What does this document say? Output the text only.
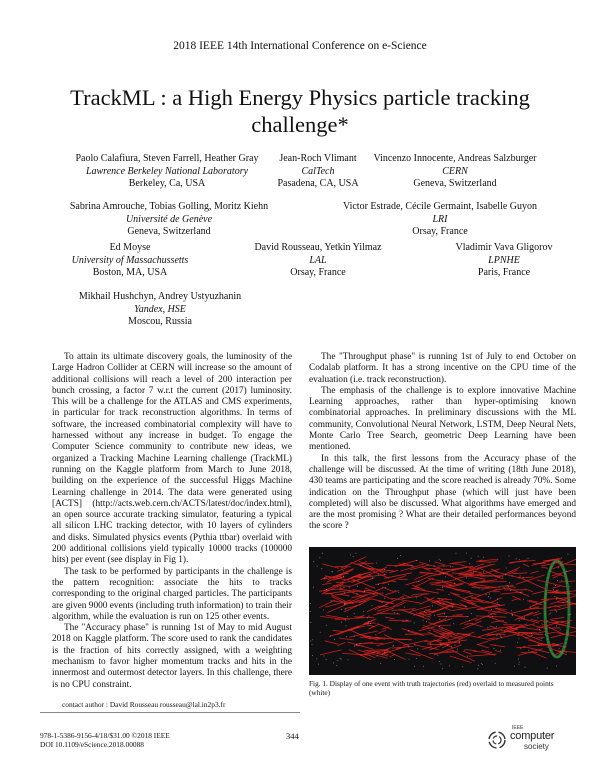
2018 IEEE 14th International Conference on e-Science
TrackML : a High Energy Physics particle tracking
challenge*
Paolo Calafiura, Steven Farrell, Heather Gray
Lawrence Berkeley National Laboratory
Berkeley, Ca, USA
Jean-Roch Vlimant
CalTech
Pasadena, CA, USA
Vincenzo Innocente, Andreas Salzburger
CERN
Geneva, Switzerland
Sabrina Amrouche, Tobias Golling, Moritz Kiehn
Université de Genève
Geneva, Switzerland
Victor Estrade, Cécile Germaint, Isabelle Guyon
LRI
Orsay, France
Ed Moyse
University of Massachussetts
Boston, MA, USA
David Rousseau, Yetkin Yilmaz
LAL
Orsay, France
Vladimir Vava Gligorov
LPNHE
Paris, France
Mikhail Hushchyn, Andrey Ustyuzhanin
Yandex, HSE
Moscou, Russia

To attain its ultimate discovery goals, the luminosity of the Large Hadron Collider at CERN will increase so the amount of additional collisions will reach a level of 200 interaction per bunch crossing, a factor 7 w.r.t the current (2017) luminosity. This will be a challenge for the ATLAS and CMS experiments, in particular for track reconstruction algorithms. In terms of software, the increased combinatorial complexity will have to harnessed without any increase in budget. To engage the Computer Science community to contribute new ideas, we organized a Tracking Machine Learning challenge (TrackML) running on the Kaggle platform from March to June 2018, building on the experience of the successful Higgs Machine Learning challenge in 2014. The data were generated using [ACTS] (http://acts.web.cern.ch/ACTS/latest/doc/index.html), an open source accurate tracking simulator, featuring a typical all silicon LHC tracking detector, with 10 layers of cylinders and disks. Simulated physics events (Pythia ttbar) overlaid with 200 additional collisions yield typically 10000 tracks (100000 hits) per event (see display in Fig 1).

The task to be performed by participants in the challenge is the pattern recognition: associate the hits to tracks corresponding to the original charged particles. The participants are given 9000 events (including truth information) to train their algorithm, while the evaluation is run on 125 other events.

The "Accuracy phase" is running 1st of May to mid August 2018 on Kaggle platform. The score used to rank the candidates is the fraction of hits correctly assigned, with a weighting mechanism to favor higher momentum tracks and hits in the innermost and outermost detector layers. In this challenge, there is no CPU constraint.

The "Throughput phase" is running 1st of July to end October on Codalab platform. It has a strong incentive on the CPU time of the evaluation (i.e. track reconstruction).

The emphasis of the challenge is to explore innovative Machine Learning approaches, rather than hyper-optimising known combinatorial approaches. In preliminary discussions with the ML community, Convolutional Neural Network, LSTM, Deep Neural Nets, Monte Carlo Tree Search, geometric Deep Learning have been mentioned.

In this talk, the first lessons from the Accuracy phase of the challenge will be discussed. At the time of writing (18th June 2018), 430 teams are participating and the score reached is already 70%. Some indication on the Throughput phase (which will just have been completed) will also be discussed. What algorithms have emerged and are the most promising ? What are their detailed performances beyond the score ?

Fig. 1. Display of one event with truth trajectories (red) overlaid to measured points (white)
contact author : David Rousseau rousseau@lal.in2p3.fr
978-1-5386-9156-4/18/$31.00 ©2018 IEEE
DOI 10.1109/eScience.2018.00088
344
IEEE
computer
society
